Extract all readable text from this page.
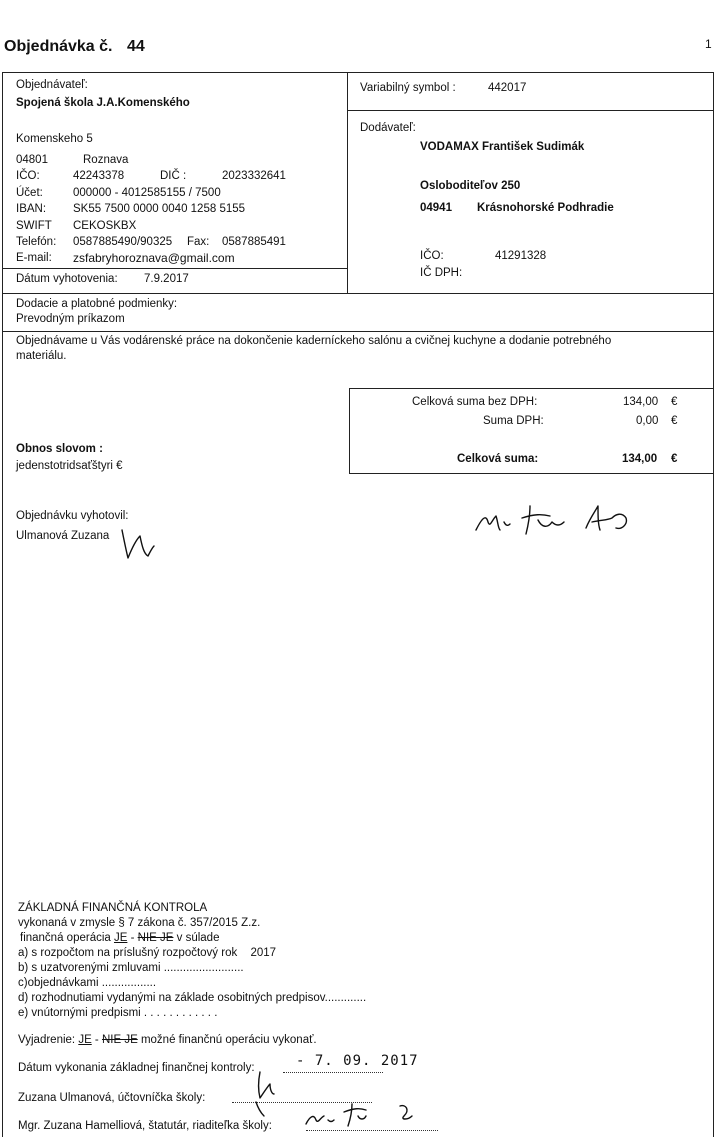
Objednávka č. 44	1
Objednávateľ:
Spojená škola J.A.Komenského
Komenskeho 5
04801	Roznava
IČO:	42243378	DIČ :	2023332641
Účet:	000000 - 4012585155 / 7500
IBAN: SK55 7500 0000 0040 1258 5155
SWIFT CEKOSKBX
Telefón: 0587885490/90325 Fax: 0587885491
E-mail: zsfabryhoroznava@gmail.com
Dátum vyhotovenia: 7.9.2017
Variabilný symbol :	442017
Dodávateľ:
VODAMAX František Sudimák
Osloboditeľov 250
04941 Krásnohorské Podhradie
IČO:	41291328
IČ DPH:
Dodacie a platobné podmienky:
Prevodným príkazom
Objednávame u Vás vodárenské práce na dokončenie kaderníckeho salónu a cvičnej kuchyne a dodanie potrebného
materiálu.
Celková suma bez DPH:	134,00 €
Suma DPH:	0,00 €
Celková suma:	134,00 €
Obnos slovom :
jedenstotridsaťštyri €
Objednávku vyhotovil:
Ulmanová Zuzana
ZÁKLADNÁ FINANČNÁ KONTROLA
vykonaná v zmysle § 7 zákona č. 357/2015 Z.z.
finančná operácia JE - NIE JE v súlade
a) s rozpočtom na príslušný rozpočtový rok 2017
b) s uzatvorenými zmluvami .........................
c)objednávkami .................
d) rozhodnutiami vydanými na základe osobitných predpisov.............
e) vnútornými predpismi . . . . . . . . . . . .
Vyjadrenie: JE - NIE JE možné finančnú operáciu vykonať.
Dátum vykonania základnej finančnej kontroly:	- 7. 09. 2017
Zuzana Ulmanová, účtovníčka školy:
Mgr. Zuzana Hamelliová, štatutár, riaditeľka školy:
